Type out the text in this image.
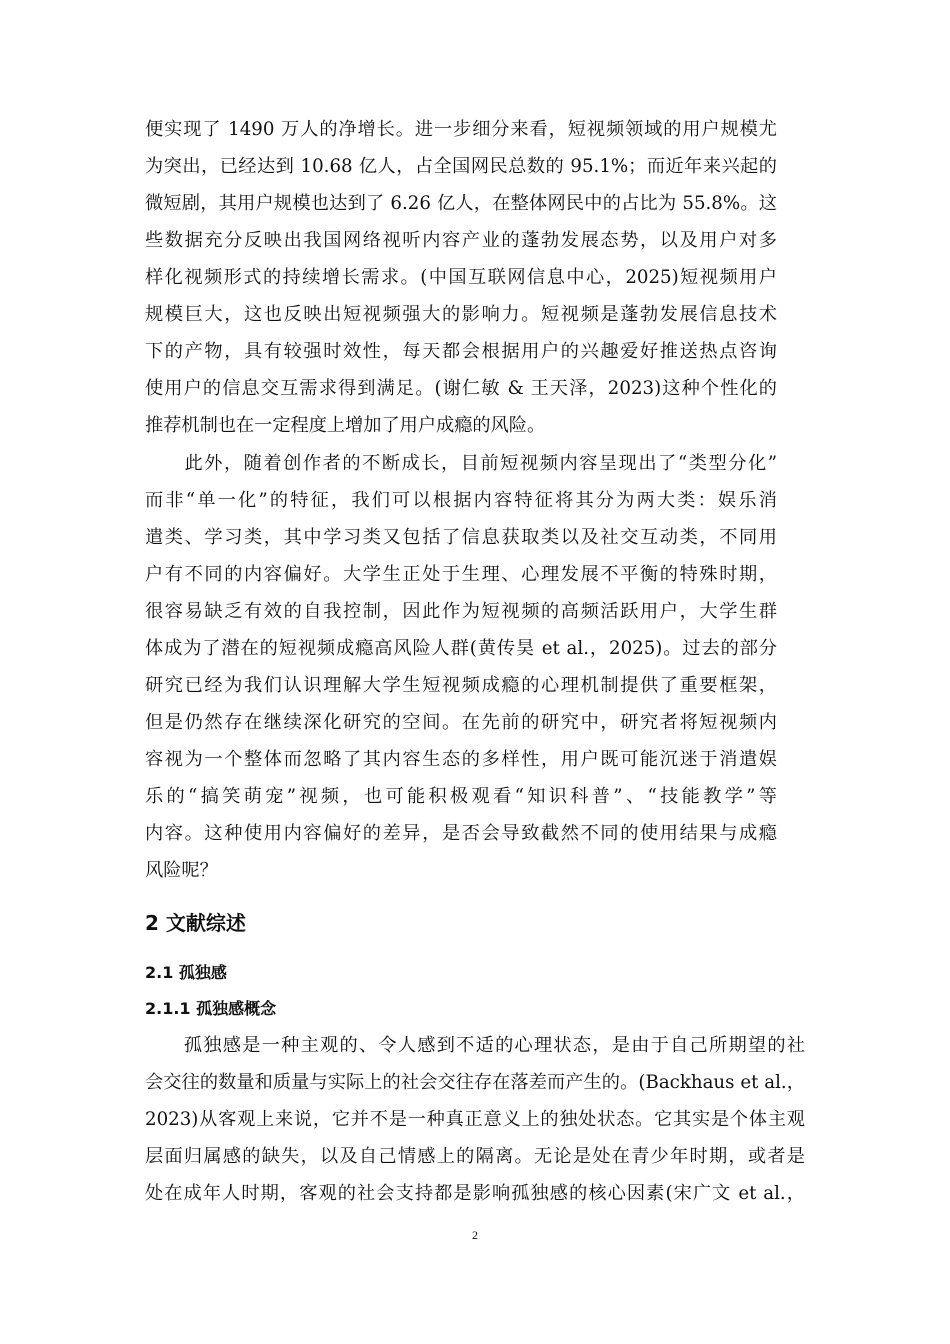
便实现了 1490 万人的净增长。进一步细分来看，短视频领域的用户规模尤
为突出，已经达到 10.68 亿人，占全国网民总数的 95.1%；而近年来兴起的
微短剧，其用户规模也达到了 6.26 亿人，在整体网民中的占比为 55.8%。这
些数据充分反映出我国网络视听内容产业的蓬勃发展态势，以及用户对多
样化视频形式的持续增长需求。(中国互联网信息中心，2025)短视频用户
规模巨大，这也反映出短视频强大的影响力。短视频是蓬勃发展信息技术
下的产物，具有较强时效性，每天都会根据用户的兴趣爱好推送热点咨询
使用户的信息交互需求得到满足。(谢仁敏 & 王天泽，2023)这种个性化的
推荐机制也在一定程度上增加了用户成瘾的风险。
　　此外，随着创作者的不断成长，目前短视频内容呈现出了“类型分化”
而非“单一化”的特征，我们可以根据内容特征将其分为两大类：娱乐消
遣类、学习类，其中学习类又包括了信息获取类以及社交互动类，不同用
户有不同的内容偏好。大学生正处于生理、心理发展不平衡的特殊时期，
很容易缺乏有效的自我控制，因此作为短视频的高频活跃用户，大学生群
体成为了潜在的短视频成瘾高风险人群(黄传昊 et al.，2025)。过去的部分
研究已经为我们认识理解大学生短视频成瘾的心理机制提供了重要框架，
但是仍然存在继续深化研究的空间。在先前的研究中，研究者将短视频内
容视为一个整体而忽略了其内容生态的多样性，用户既可能沉迷于消遣娱
乐的“搞笑萌宠”视频，也可能积极观看“知识科普”、“技能教学”等
内容。这种使用内容偏好的差异，是否会导致截然不同的使用结果与成瘾
风险呢？
2 文献综述
2.1 孤独感
2.1.1 孤独感概念
　　孤独感是一种主观的、令人感到不适的心理状态，是由于自己所期望的社
会交往的数量和质量与实际上的社会交往存在落差而产生的。(Backhaus et al.，
2023)从客观上来说，它并不是一种真正意义上的独处状态。它其实是个体主观
层面归属感的缺失，以及自己情感上的隔离。无论是处在青少年时期，或者是
处在成年人时期，客观的社会支持都是影响孤独感的核心因素(宋广文 et al.，
2
